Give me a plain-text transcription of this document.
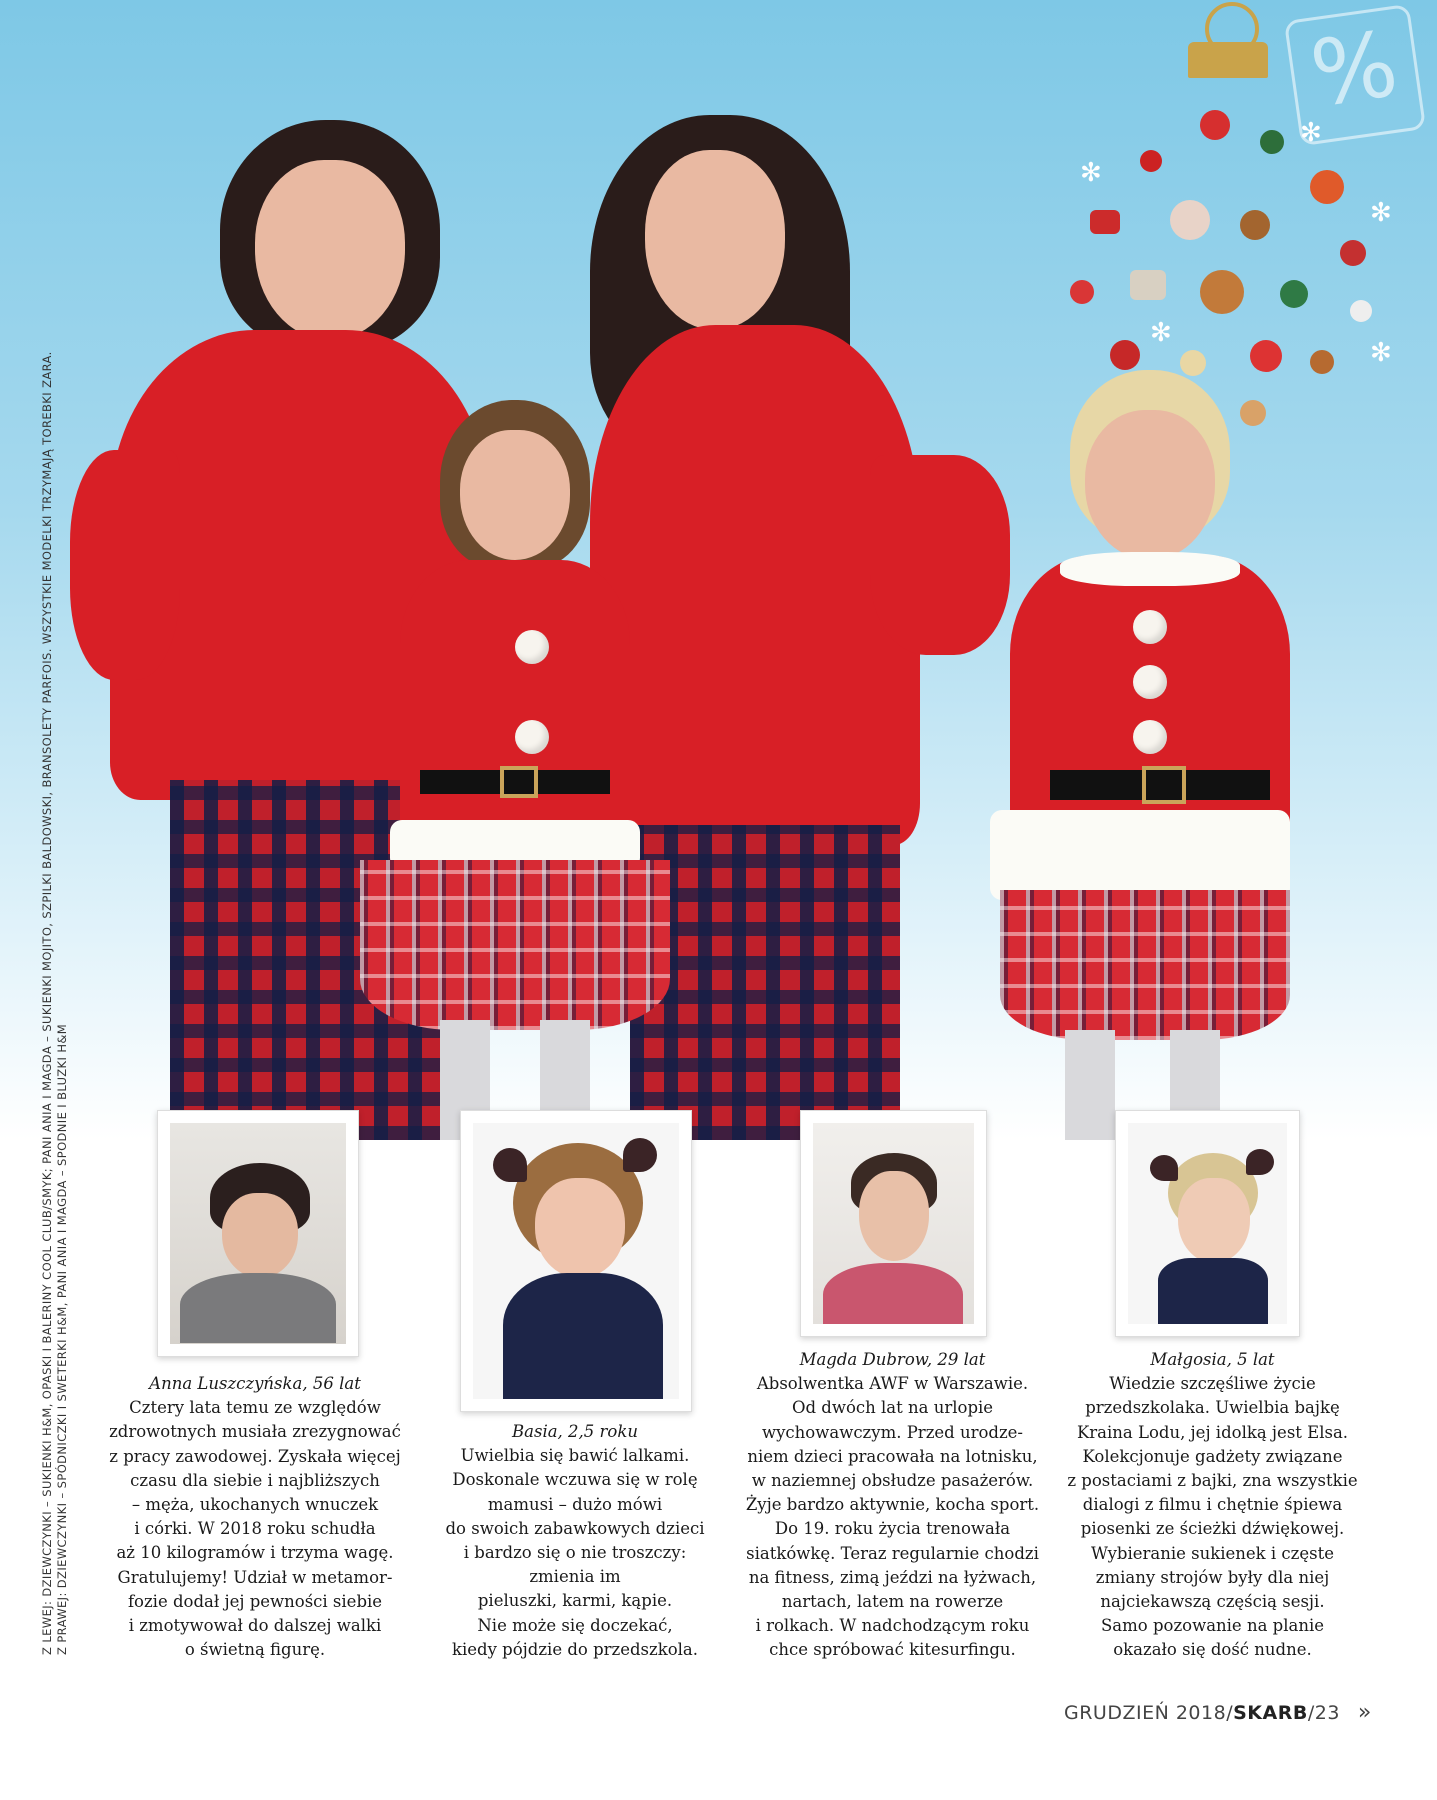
✻
✻
✻
✻
✻
%
Z LEWEJ: DZIEWCZYNKI – SUKIENKI H&M, OPASKI I BALERINY COOL CLUB/SMYK; PANI ANIA I MAGDA – SUKIENKI MOJITO, SZPILKI BALDOWSKI, BRANSOLETY PARFOIS. WSZYSTKIE MODELKI TRZYMAJĄ TOREBKI ZARA. Z PRAWEJ: DZIEWCZYNKI – SPÓDNICZKI I SWETERKI H&M, PANI ANIA I MAGDA – SPODNIE I BLUZKI H&M	Anna Luszczyńska, 56 lat
Cztery lata temu ze względów
zdrowotnych musiała zrezygnować
z pracy zawodowej. Zyskała więcej
czasu dla siebie i najbliższych
– męża, ukochanych wnuczek
i córki. W 2018 roku schudła
aż 10 kilogramów i trzyma wagę.
Gratulujemy! Udział w metamor-
fozie dodał jej pewności siebie
i zmotywował do dalszej walki
o świetną figurę.
Basia, 2,5 roku
Uwielbia się bawić lalkami.
Doskonale wczuwa się w rolę
mamusi – dużo mówi
do swoich zabawkowych dzieci
i bardzo się o nie troszczy:
zmienia im
pieluszki, karmi, kąpie.
Nie może się doczekać,
kiedy pójdzie do przedszkola.
Magda Dubrow, 29 lat
Absolwentka AWF w Warszawie.
Od dwóch lat na urlopie
wychowawczym. Przed urodze-
niem dzieci pracowała na lotnisku,
w naziemnej obsłudze pasażerów.
Żyje bardzo aktywnie, kocha sport.
Do 19. roku życia trenowała
siatkówkę. Teraz regularnie chodzi
na fitness, zimą jeździ na łyżwach,
nartach, latem na rowerze
i rolkach. W nadchodzącym roku
chce spróbować kitesurfingu.
Małgosia, 5 lat
Wiedzie szczęśliwe życie
przedszkolaka. Uwielbia bajkę
Kraina Lodu, jej idolką jest Elsa.
Kolekcjonuje gadżety związane
z postaciami z bajki, zna wszystkie
dialogi z filmu i chętnie śpiewa
piosenki ze ścieżki dźwiękowej.
Wybieranie sukienek i częste
zmiany strojów były dla niej
najciekawszą częścią sesji.
Samo pozowanie na planie
okazało się dość nudne.
GRUDZIEŃ 2018/SKARB/23 »
